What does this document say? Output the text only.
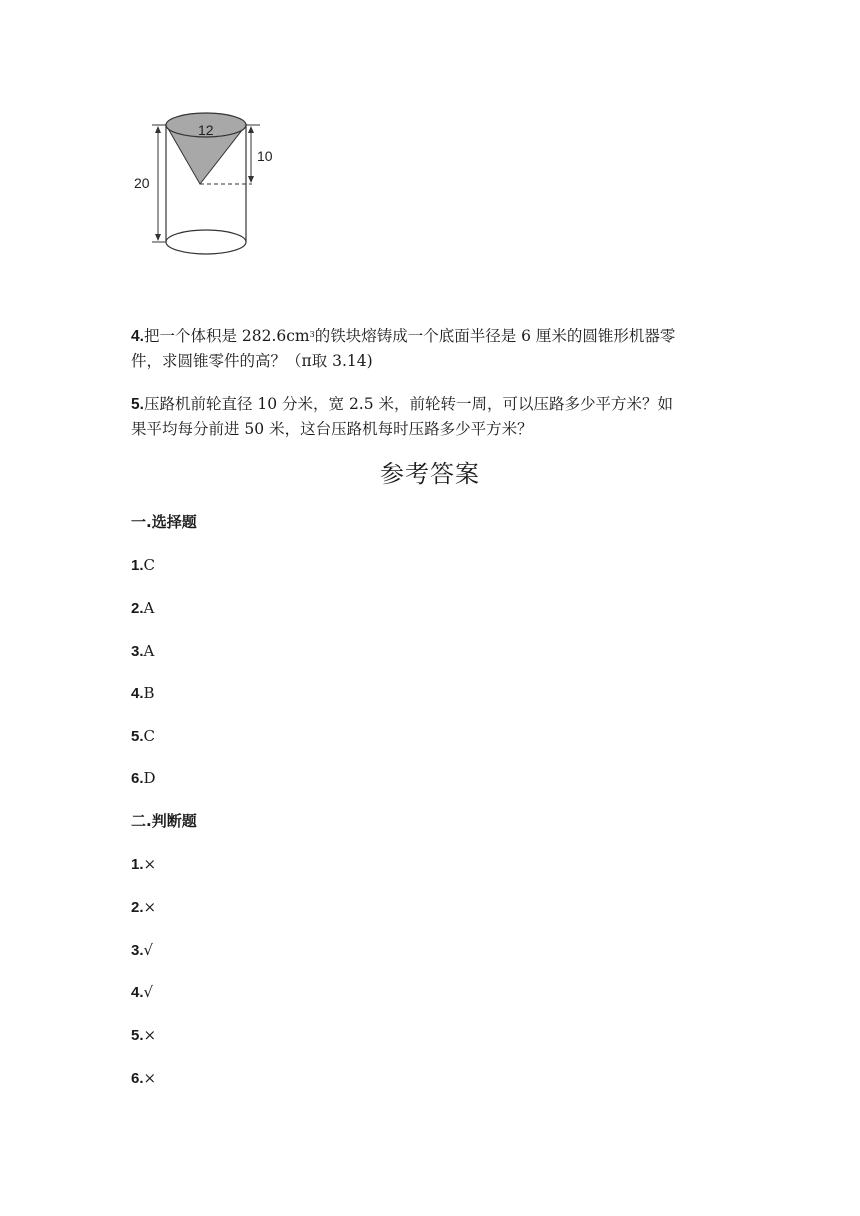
12
20
10
4.把一个体积是 $282.6cm^3$的铁块熔铸成一个底面半径是 6 厘米的圆锥形机器零
件，求圆锥零件的高？（π取 3.14)
5.压路机前轮直径 10 分米，宽 2.5 米，前轮转一周，可以压路多少平方米？如
果平均每分前进 50 米，这台压路机每时压路多少平方米？
参考答案
一.选择题
1.C
2.A
3.A
4.B
5.C
6.D
二.判断题
1.×
2.×
3.√
4.√
5.×
6.×
